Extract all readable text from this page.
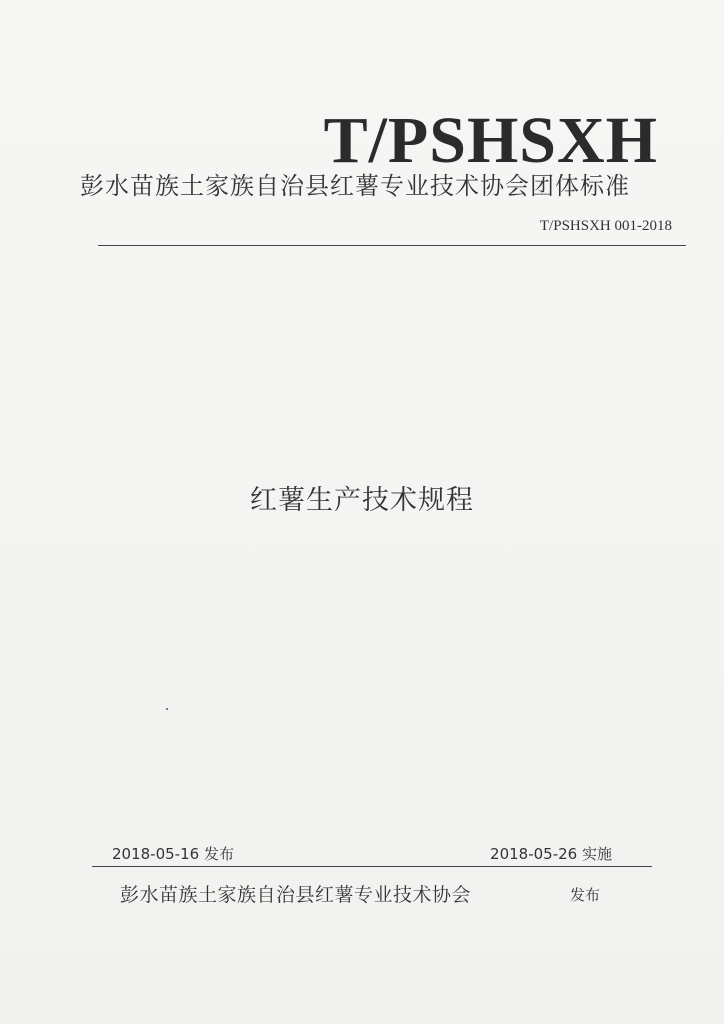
T/PSHSXH
彭水苗族土家族自治县红薯专业技术协会团体标准
T/PSHSXH 001-2018
红薯生产技术规程
2018-05-16 发布	2018-05-26 实施
彭水苗族土家族自治县红薯专业技术协会	发布
